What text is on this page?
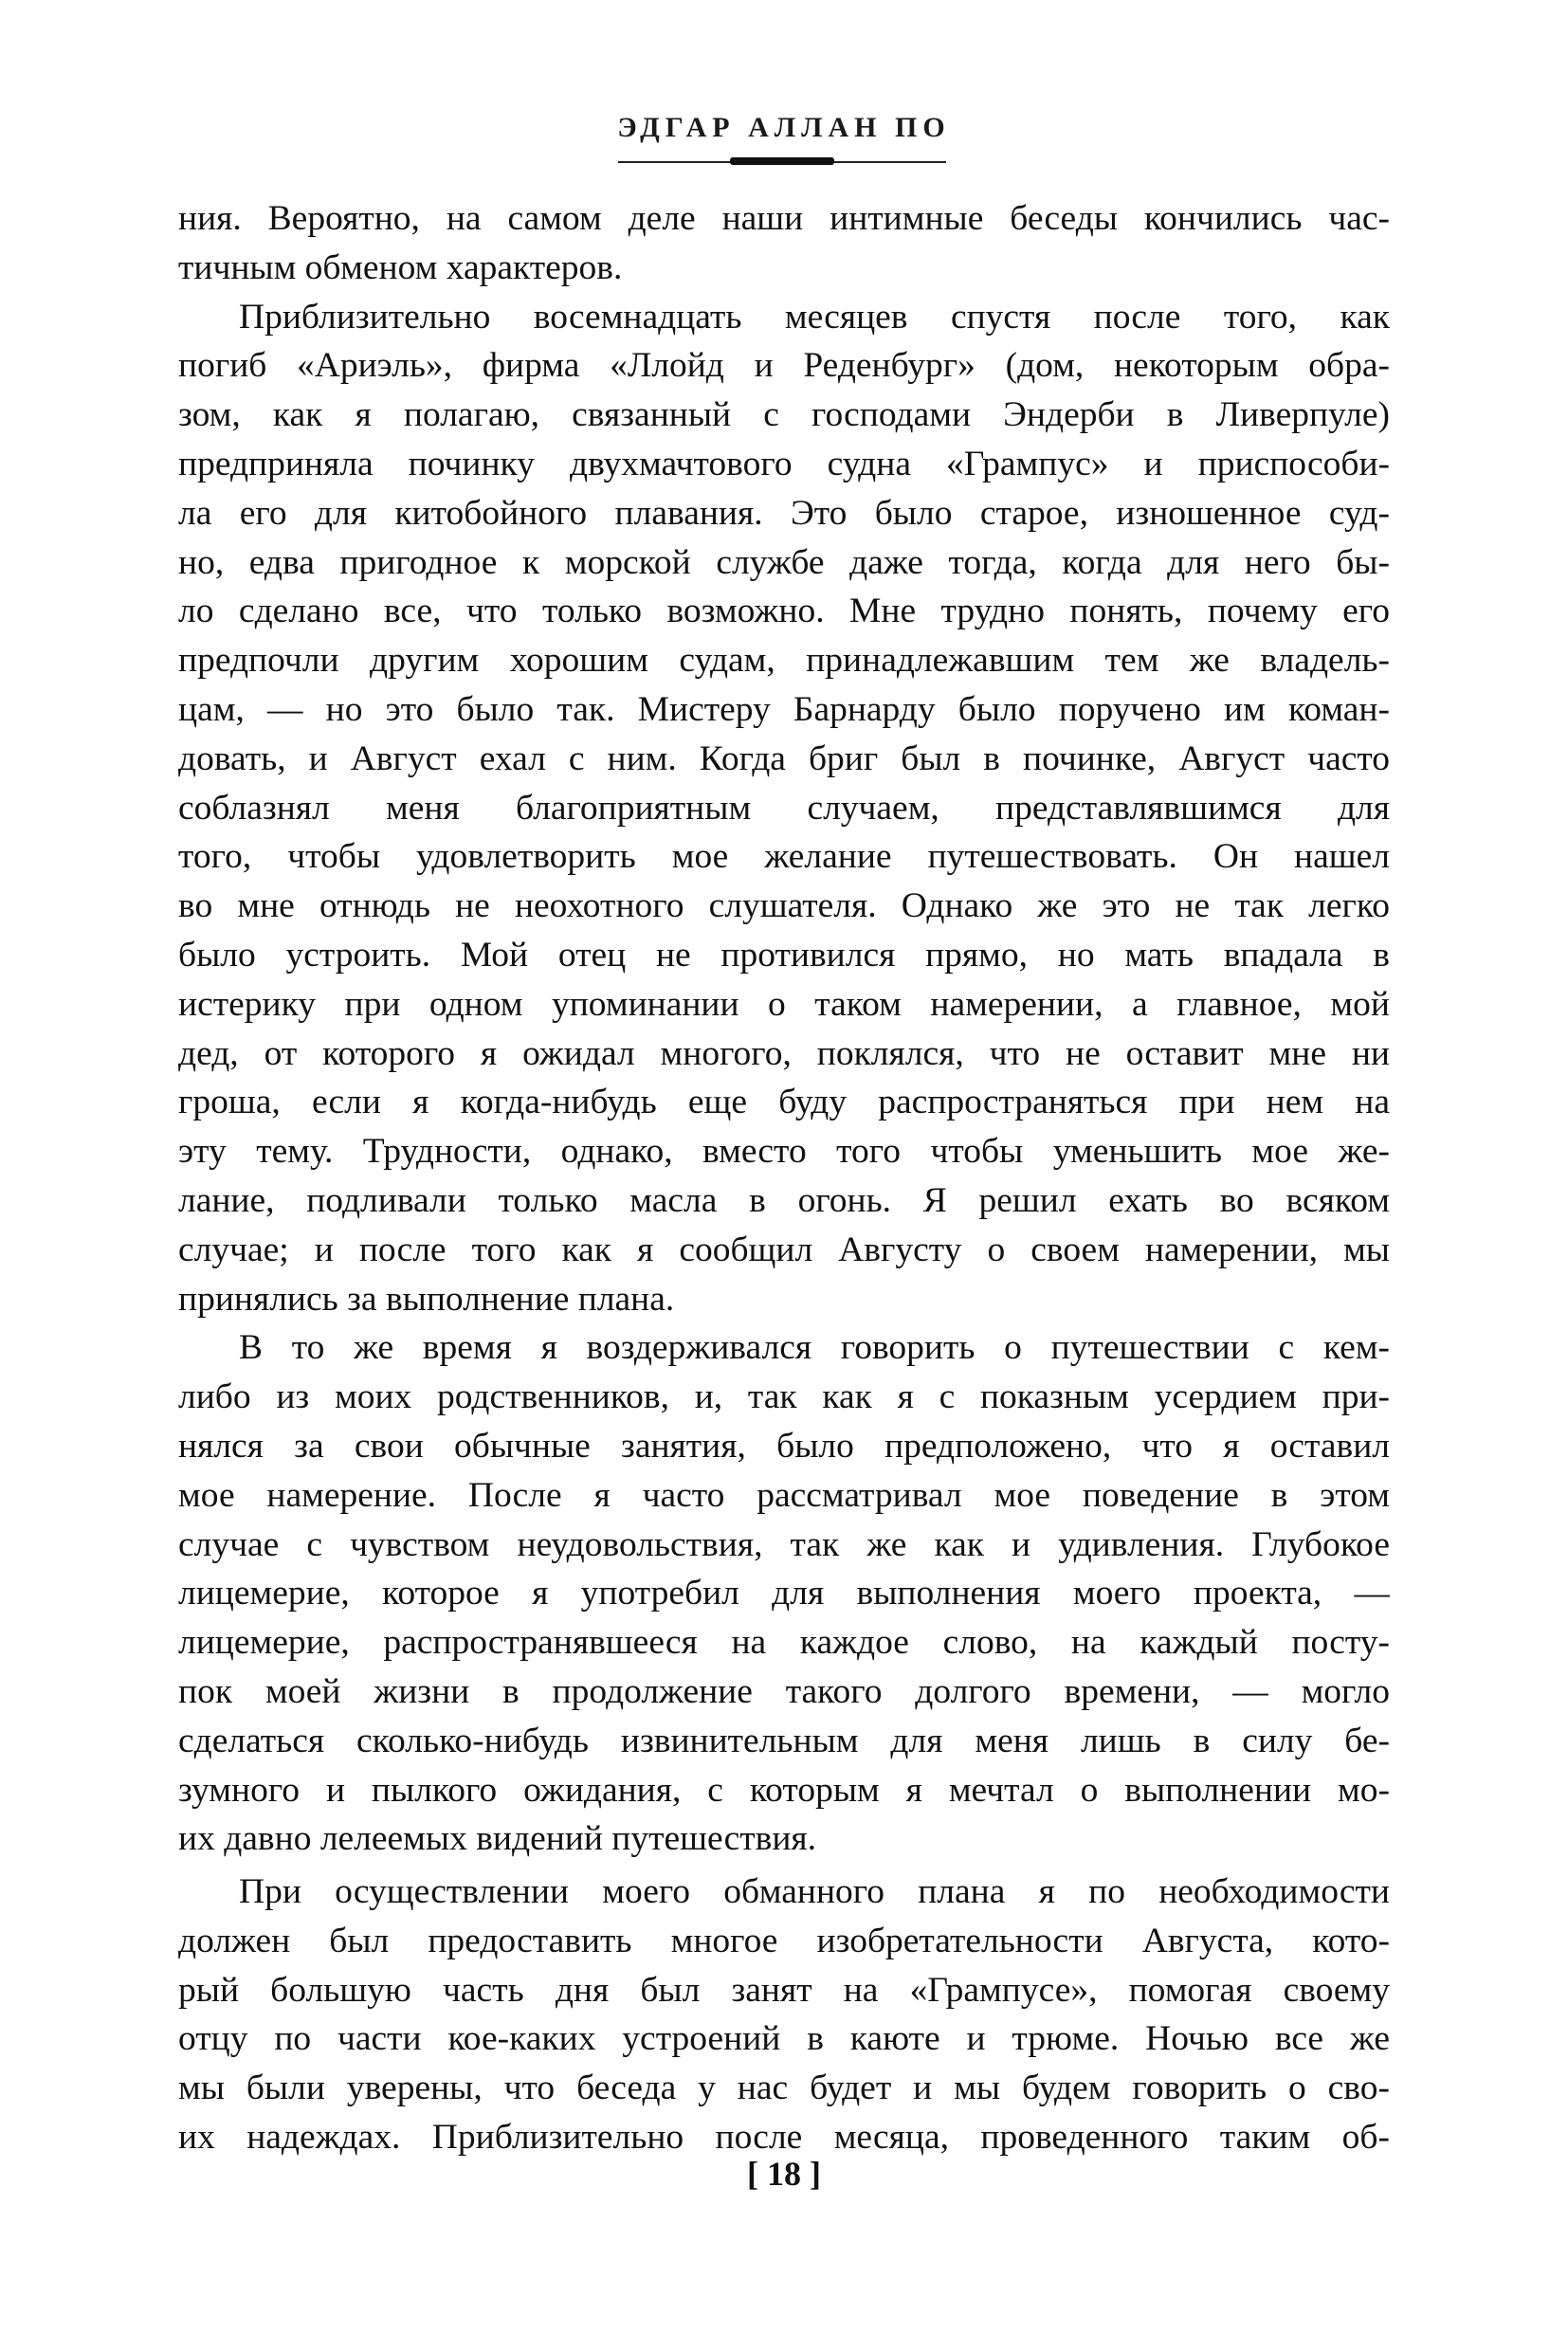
ЭДГАР АЛЛАН ПО
ния. Вероятно, на самом деле наши интимные беседы кончились час-
тичным обменом характеров.
Приблизительно восемнадцать месяцев спустя после того, как
погиб «Ариэль», фирма «Ллойд и Реденбург» (дом, некоторым обра-
зом, как я полагаю, связанный с господами Эндерби в Ливерпуле)
предприняла починку двухмачтового судна «Грампус» и приспособи-
ла его для китобойного плавания. Это было старое, изношенное суд-
но, едва пригодное к морской службе даже тогда, когда для него бы-
ло сделано все, что только возможно. Мне трудно понять, почему его
предпочли другим хорошим судам, принадлежавшим тем же владель-
цам, — но это было так. Мистеру Барнарду было поручено им коман-
довать, и Август ехал с ним. Когда бриг был в починке, Август часто
соблазнял меня благоприятным случаем, представлявшимся для
того, чтобы удовлетворить мое желание путешествовать. Он нашел
во мне отнюдь не неохотного слушателя. Однако же это не так легко
было устроить. Мой отец не противился прямо, но мать впадала в
истерику при одном упоминании о таком намерении, а главное, мой
дед, от которого я ожидал многого, поклялся, что не оставит мне ни
гроша, если я когда-нибудь еще буду распространяться при нем на
эту тему. Трудности, однако, вместо того чтобы уменьшить мое же-
лание, подливали только масла в огонь. Я решил ехать во всяком
случае; и после того как я сообщил Августу о своем намерении, мы
принялись за выполнение плана.
В то же время я воздерживался говорить о путешествии с кем-
либо из моих родственников, и, так как я с показным усердием при-
нялся за свои обычные занятия, было предположено, что я оставил
мое намерение. После я часто рассматривал мое поведение в этом
случае с чувством неудовольствия, так же как и удивления. Глубокое
лицемерие, которое я употребил для выполнения моего проекта, —
лицемерие, распространявшееся на каждое слово, на каждый посту-
пок моей жизни в продолжение такого долгого времени, — могло
сделаться сколько-нибудь извинительным для меня лишь в силу бе-
зумного и пылкого ожидания, с которым я мечтал о выполнении мо-
их давно лелеемых видений путешествия.
При осуществлении моего обманного плана я по необходимости
должен был предоставить многое изобретательности Августа, кото-
рый большую часть дня был занят на «Грампусе», помогая своему
отцу по части кое-каких устроений в каюте и трюме. Ночью все же
мы были уверены, что беседа у нас будет и мы будем говорить о сво-
их надеждах. Приблизительно после месяца, проведенного таким об-
[ 18 ]
